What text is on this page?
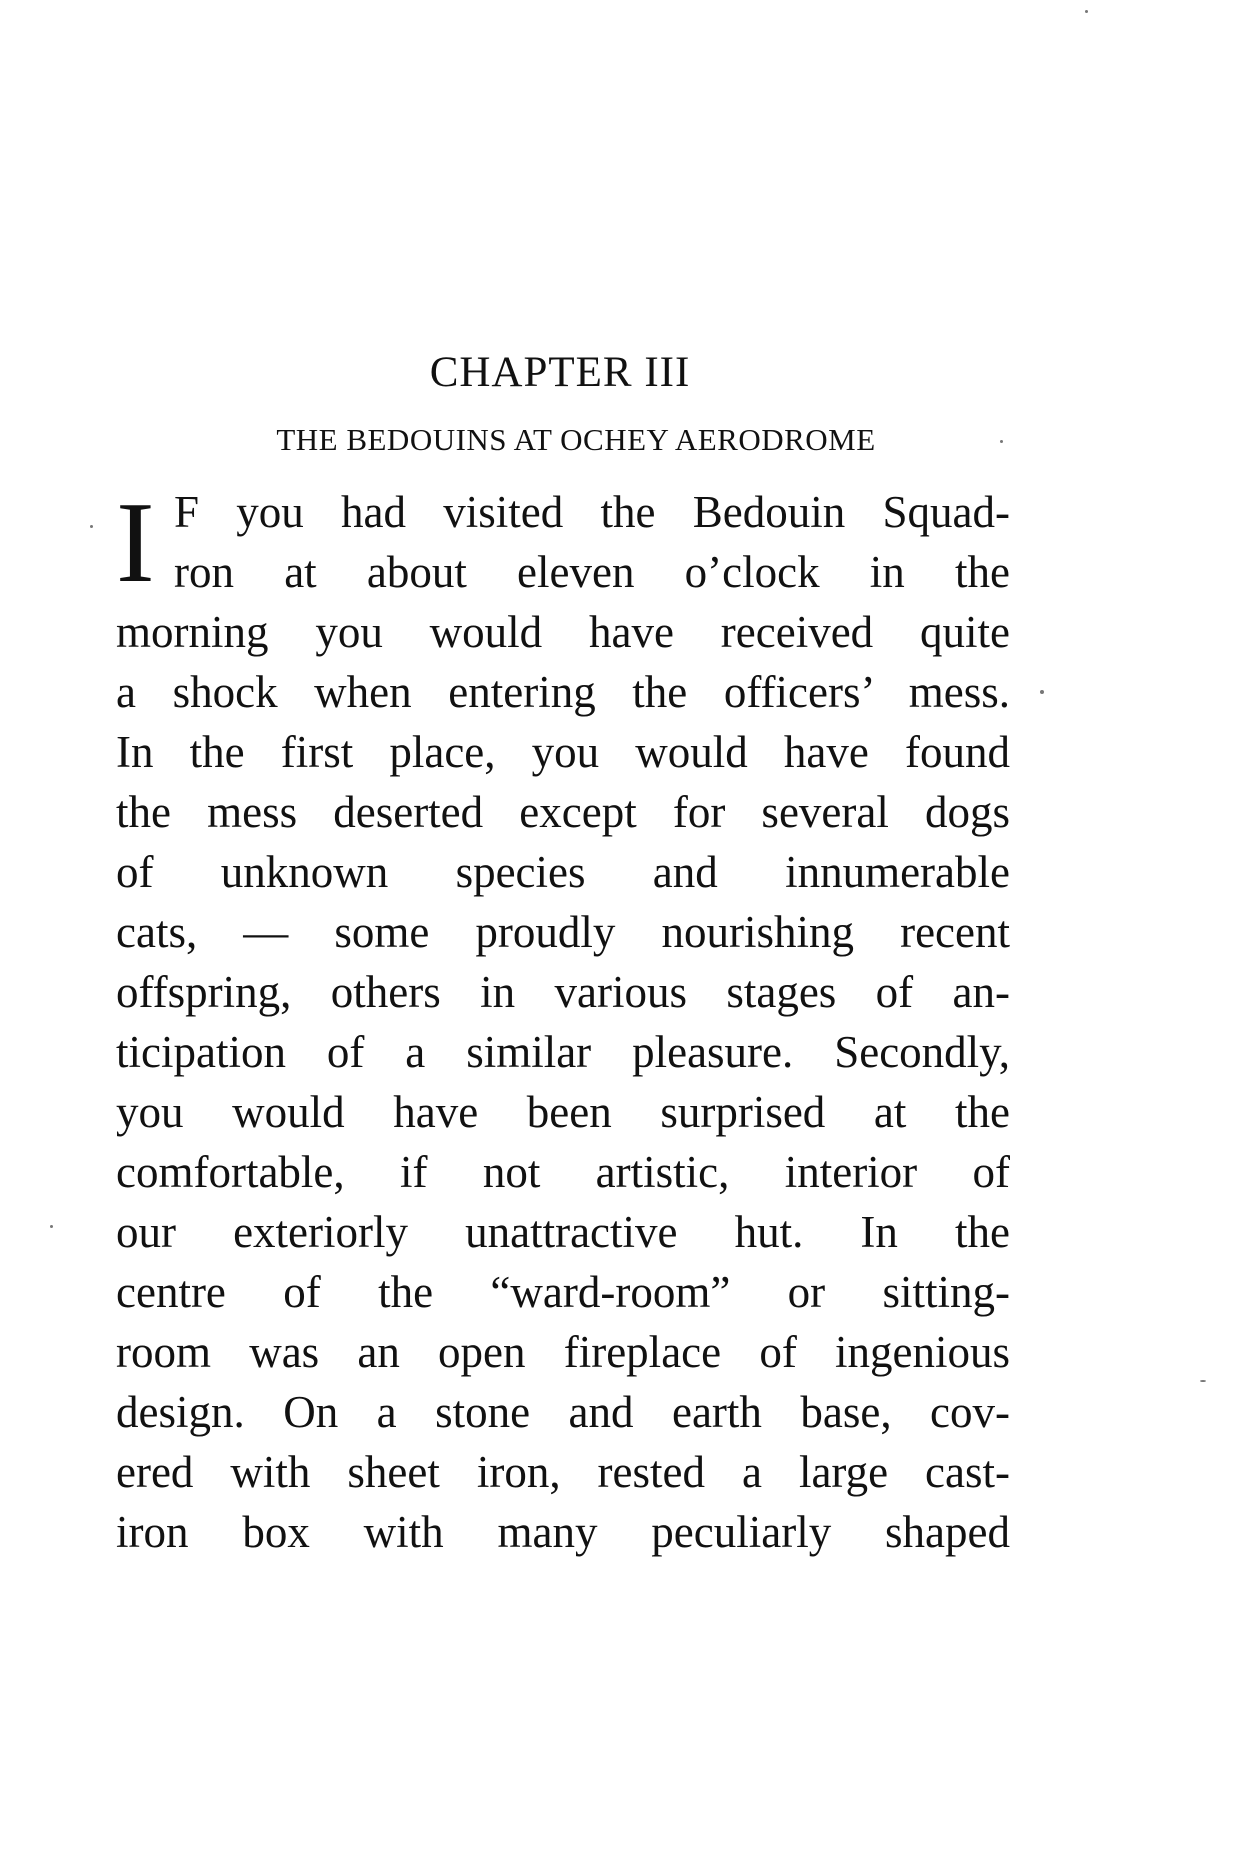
CHAPTER III
THE BEDOUINS AT OCHEY AERODROME
I F you had visited the Bedouin Squad-
ron at about eleven o’clock in the
morning you would have received quite
a shock when entering the officers’ mess.
In the first place, you would have found
the mess deserted except for several dogs
of unknown species and innumerable
cats, — some proudly nourishing recent
offspring, others in various stages of an-
ticipation of a similar pleasure. Secondly,
you would have been surprised at the
comfortable, if not artistic, interior of
our exteriorly unattractive hut. In the
centre of the “ward-room” or sitting-
room was an open fireplace of ingenious
design. On a stone and earth base, cov-
ered with sheet iron, rested a large cast-
iron box with many peculiarly shaped
